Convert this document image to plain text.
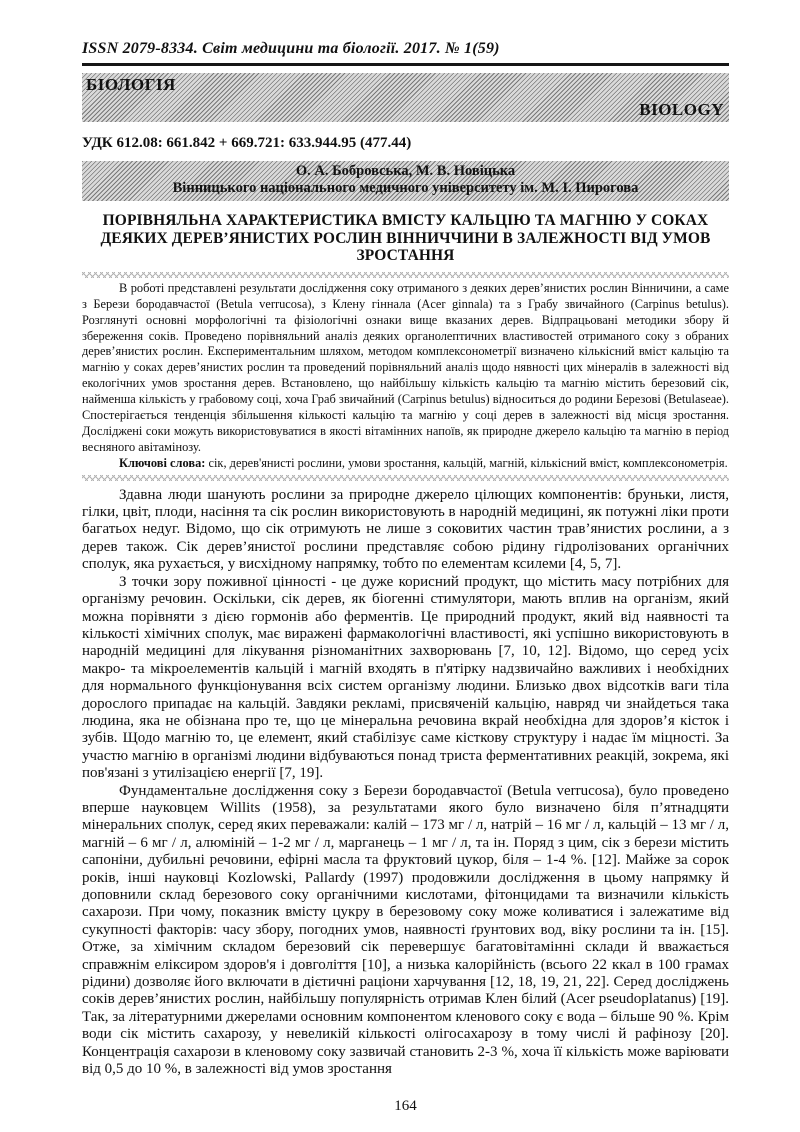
ISSN 2079-8334. Світ медицини та біології. 2017. № 1(59)
БІОЛОГІЯ
BIOLOGY
УДК 612.08: 661.842 + 669.721: 633.944.95 (477.44)
О. А. Бобровська, М. В. Новіцька
Вінницького національного медичного університету ім. М. І. Пирогова
ПОРІВНЯЛЬНА ХАРАКТЕРИСТИКА ВМІСТУ КАЛЬЦІЮ ТА МАГНІЮ У СОКАХ ДЕЯКИХ ДЕРЕВ’ЯНИСТИХ РОСЛИН ВІННИЧЧИНИ В ЗАЛЕЖНОСТІ ВІД УМОВ ЗРОСТАННЯ

В роботі представлені результати дослідження соку отриманого з деяких дерев’янистих рослин Вінничини, а саме з Берези бородавчастої (Betula verrucosa), з Клену гіннала (Acer ginnala) та з Грабу звичайного (Carpinus betulus). Розглянуті основні морфологічні та фізіологічні ознаки вище вказаних дерев. Відпрацьовані методики збору й збереження соків. Проведено порівняльний аналіз деяких органолептичних властивостей отриманого соку з обраних дерев’янистих рослин. Експериментальним шляхом, методом комплексонометрії визначено кількісний вміст кальцію та магнію у соках дерев’янистих рослин та проведений порівняльний аналіз щодо нявності цих мінералів в залежності від екологічних умов зростання дерев. Встановлено, що найбільшу кількість кальцію та магнію містить березовий сік, найменша кількість у грабовому соці, хоча Граб звичайний (Carpinus betulus) відноситься до родини Березові (Betulaseae). Спостерігається тенденція збільшення кількості кальцію та магнію у соці дерев в залежності від місця зростання. Досліджені соки можуть використовуватися в якості вітамінних напоїв, як природне джерело кальцію та магнію в період весняного авітамінозу.

Ключові слова: сік, дерев'янисті рослини, умови зростання, кальцій, магній, кількісний вміст, комплексонометрія.

Здавна люди шанують рослини за природне джерело цілющих компонентів: бруньки, листя, гілки, цвіт, плоди, насіння та сік рослин використовують в народній медицині, як потужні ліки проти багатьох недуг. Відомо, що сік отримують не лише з соковитих частин трав’янистих рослини, а з дерев також. Сік дерев’янистої рослини представляє собою рідину гідролізованих органічних сполук, яка рухається, у висхідному напрямку, тобто по елементам ксилеми [4, 5, 7].

З точки зору поживної цінності - це дуже корисний продукт, що містить масу потрібних для організму речовин. Оскільки, сік дерев, як біогенні стимулятори, мають вплив на організм, який можна порівняти з дією гормонів або ферментів. Це природний продукт, який від наявності та кількості хімічних сполук, має виражені фармакологічні властивості, які успішно використовують в народній медицині для лікування різноманітних захворювань [7, 10, 12]. Відомо, що серед усіх макро- та мікроелементів кальцій і магній входять в п'ятірку надзвичайно важливих і необхідних для нормального функціонування всіх систем організму людини. Близько двох відсотків ваги тіла дорослого припадає на кальцій. Завдяки рекламі, присвяченій кальцію, навряд чи знайдеться така людина, яка не обізнана про те, що це мінеральна речовина вкрай необхідна для здоров’я кісток і зубів. Щодо магнію то, це елемент, який стабілізує саме кісткову структуру і надає їм міцності. За участю магнію в організмі людини відбуваються понад триста ферментативних реакцій, зокрема, які пов'язані з утилізацією енергії [7, 19].

Фундаментальне дослідження соку з Берези бородавчастої (Betula verrucosa), було проведено вперше науковцем Willits (1958), за результатами якого було визначено біля п’ятнадцяти мінеральних сполук, серед яких переважали: калій – 173 мг / л, натрій – 16 мг / л, кальцій – 13 мг / л, магній – 6 мг / л, алюміній – 1-2 мг / л, марганець – 1 мг / л, та ін. Поряд з цим, сік з берези містить сапоніни, дубильні речовини, ефірні масла та фруктовий цукор, біля – 1-4 %. [12]. Майже за сорок років, інші науковці Kozlowski, Pallardy (1997) продовжили дослідження в цьому напрямку й доповнили склад березового соку органічними кислотами, фітонцидами та визначили кількість сахарози. При чому, показник вмісту цукру в березовому соку може коливатися і залежатиме від сукупності факторів: часу збору, погодних умов, наявності ґрунтових вод, віку рослини та ін. [15]. Отже, за хімічним складом березовий сік перевершує багатовітамінні склади й вважається справжнім еліксиром здоров'я і довголіття [10], а низька калорійність (всього 22 ккал в 100 грамах рідини) дозволяє його включати в дієтичні раціони харчування [12, 18, 19, 21, 22]. Серед досліджень соків дерев’янистих рослин, найбільшу популярність отримав Клен білий (Acer pseudoplatanus) [19]. Так, за літературними джерелами основним компонентом кленового соку є вода – більше 90 %. Крім води сік містить сахарозу, у невеликій кількості олігосахарозу в тому числі й рафінозу [20]. Концентрація сахарози в кленовому соку зазвичай становить 2-3 %, хоча її кількість може варіювати від 0,5 до 10 %, в залежності від умов зростання

164
